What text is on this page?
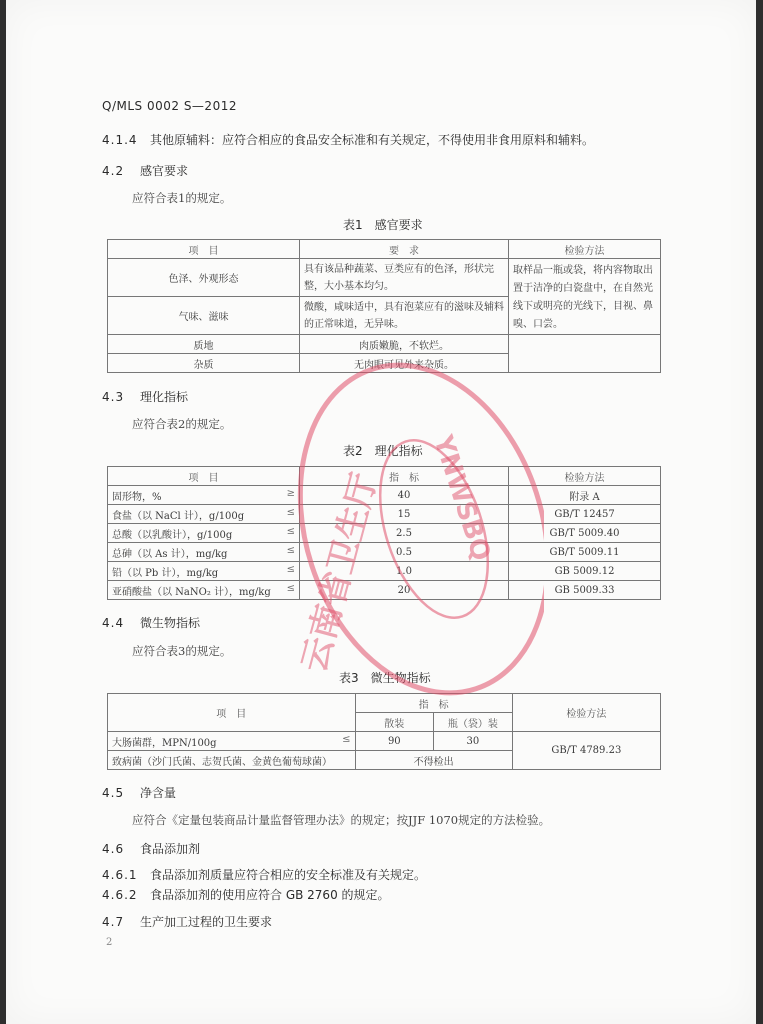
Q/MLS 0002 S—2012
4.1.4 其他原辅料：应符合相应的食品安全标准和有关规定，不得使用非食用原料和辅料。
4.2 感官要求
应符合表1的规定。
表1　感官要求
项　目	要　求	检验方法
色泽、外观形态	具有该品种蔬菜、豆类应有的色泽，形状完整，大小基本均匀。	取样品一瓶或袋，将内容物取出置于洁净的白瓷盘中，在自然光线下或明亮的光线下，目视、鼻嗅、口尝。
气味、滋味	微酸，咸味适中，具有泡菜应有的滋味及辅料的正常味道，无异味。	
质地	肉质嫩脆，不软烂。	
杂质	无肉眼可见外来杂质。	
4.3 理化指标
应符合表2的规定。
表2　理化指标
项　目	指　标	检验方法
固形物，% ≥	40	附录 A
食盐（以 NaCl 计），g/100g ≤	15	GB/T 12457
总酸（以乳酸计），g/100g ≤	2.5	GB/T 5009.40
总砷（以 As 计），mg/kg ≤	0.5	GB/T 5009.11
铅（以 Pb 计），mg/kg ≤	1.0	GB 5009.12
亚硝酸盐（以 NaNO₂ 计），mg/kg ≤	20	GB 5009.33
4.4 微生物指标
应符合表3的规定。
表3　微生物指标
项　目	指　标		检验方法
	散装	瓶（袋）装	
大肠菌群，MPN/100g ≤	90	30	GB/T 4789.23
致病菌（沙门氏菌、志贺氏菌、金黄色葡萄球菌）	不得检出		
4.5 净含量
应符合《定量包装商品计量监督管理办法》的规定；按JJF 1070规定的方法检验。
4.6 食品添加剂
4.6.1 食品添加剂质量应符合相应的安全标准及有关规定。
4.6.2 食品添加剂的使用应符合 GB 2760 的规定。
4.7 生产加工过程的卫生要求
2
云南省卫生厅 YNWSBQ
